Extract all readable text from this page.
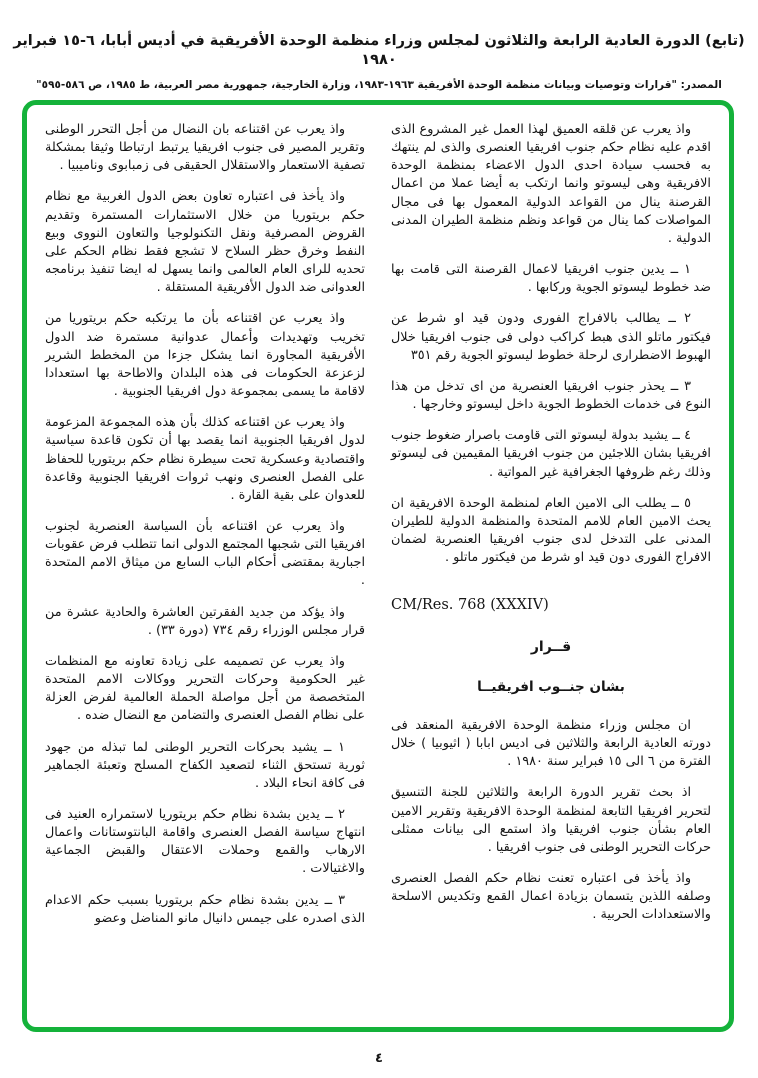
(تابع) الدورة العادية الرابعة والثلاثون لمجلس وزراء منظمة الوحدة الأفريقية في أديس أبابا، ٦-١٥ فبراير ١٩٨٠
المصدر: "قرارات وتوصيات وبيانات منظمة الوحدة الأفريقية ١٩٦٣-١٩٨٣، وزارة الخارجية، جمهورية مصر العربية، ط ١٩٨٥، ص ٥٨٦-٥٩٥"

واذ يعرب عن قلقه العميق لهذا العمل غير المشروع الذى اقدم عليه نظام حكم جنوب افريقيا العنصرى والذى لم ينتهك به فحسب سيادة احدى الدول الاعضاء بمنظمة الوحدة الافريقية وهى ليسوتو وانما ارتكب به أيضا عملا من اعمال القرصنة ينال من القواعد الدولية المعمول بها فى مجال المواصلات كما ينال من قواعد ونظم منظمة الطيران المدنى الدولية .

١ ــ يدين جنوب افريقيا لاعمال القرصنة التى قامت بها ضد خطوط ليسوتو الجوية وركابها .

٢ ــ يطالب بالافراج الفورى ودون قيد او شرط عن فيكتور ماتلو الذى هبط كراكب دولى فى جنوب افريقيا خلال الهبوط الاضطرارى لرحلة خطوط ليسوتو الجوية رقم ٣٥١

٣ ــ يحذر جنوب افريقيا العنصرية من اى تدخل من هذا النوع فى خدمات الخطوط الجوية داخل ليسوتو وخارجها .

٤ ــ يشيد بدولة ليسوتو التى قاومت باصرار ضغوط جنوب افريقيا بشان اللاجئين من جنوب افريقيا المقيمين فى ليسوتو وذلك رغم ظروفها الجغرافية غير المواتية .

٥ ــ يطلب الى الامين العام لمنظمة الوحدة الافريقية ان يحث الامين العام للامم المتحدة والمنظمة الدولية للطيران المدنى على التدخل لدى جنوب افريقيا العنصرية لضمان الافراج الفورى دون قيد او شرط من فيكتور ماتلو .

CM/Res. 768 (XXXIV)
قــرار
بشان جنــوب افريقيــا

ان مجلس وزراء منظمة الوحدة الافريقية المنعقد فى دورته العادية الرابعة والثلاثين فى اديس ابابا ( اثيوبيا ) خلال الفترة من ٦ الى ١٥ فبراير سنة ١٩٨٠ .

اذ بحث تقرير الدورة الرابعة والثلاثين للجنة التنسيق لتحرير افريقيا التابعة لمنظمة الوحدة الافريقية وتقرير الامين العام بشأن جنوب افريقيا واذ استمع الى بيانات ممثلى حركات التحرير الوطنى فى جنوب افريقيا .

واذ يأخذ فى اعتباره تعنت نظام حكم الفصل العنصرى وصلفه اللذين يتسمان بزيادة اعمال القمع وتكديس الاسلحة والاستعدادات الحربية .

واذ يعرب عن اقتناعه بان النضال من أجل التحرر الوطنى وتقرير المصير فى جنوب افريقيا يرتبط ارتباطا وثيقا بمشكلة تصفية الاستعمار والاستقلال الحقيقى فى زمبابوى وناميبيا .

واذ يأخذ فى اعتباره تعاون بعض الدول الغربية مع نظام حكم بريتوريا من خلال الاستثمارات المستمرة وتقديم القروض المصرفية ونقل التكنولوجيا والتعاون النووى وبيع النفط وخرق حظر السلاح لا تشجع فقط نظام الحكم على تحديه للراى العام العالمى وانما يسهل له ايضا تنفيذ برنامجه العدوانى ضد الدول الأفريقية المستقلة .

واذ يعرب عن اقتناعه بأن ما يرتكبه حكم بريتوريا من تخريب وتهديدات وأعمال عدوانية مستمرة ضد الدول الأفريقية المجاورة انما يشكل جزءا من المخطط الشرير لزعزعة الحكومات فى هذه البلدان والاطاحة بها استعدادا لاقامة ما يسمى بمجموعة دول افريقيا الجنوبية .

واذ يعرب عن اقتناعه كذلك بأن هذه المجموعة المزعومة لدول افريقيا الجنوبية انما يقصد بها أن تكون قاعدة سياسية واقتصادية وعسكرية تحت سيطرة نظام حكم بريتوريا للحفاظ على الفصل العنصرى ونهب ثروات افريقيا الجنوبية وقاعدة للعدوان على بقية القارة .

واذ يعرب عن اقتناعه بأن السياسة العنصرية لجنوب افريقيا التى شجبها المجتمع الدولى انما تتطلب فرض عقوبات اجبارية بمقتضى أحكام الباب السابع من ميثاق الامم المتحدة .

واذ يؤكد من جديد الفقرتين العاشرة والحادية عشرة من قرار مجلس الوزراء رقم ٧٣٤ (دورة ٣٣) .

واذ يعرب عن تصميمه على زيادة تعاونه مع المنظمات غير الحكومية وحركات التحرير ووكالات الامم المتحدة المتخصصة من أجل مواصلة الحملة العالمية لفرض العزلة على نظام الفصل العنصرى والتضامن مع النضال ضده .

١ ــ يشيد بحركات التحرير الوطنى لما تبذله من جهود ثورية تستحق الثناء لتصعيد الكفاح المسلح وتعبئة الجماهير فى كافة انحاء البلاد .

٢ ــ يدين بشدة نظام حكم بريتوريا لاستمراره العنيد فى انتهاج سياسة الفصل العنصرى واقامة البانتوستانات واعمال الارهاب والقمع وحملات الاعتقال والقبض الجماعية والاغتيالات .

٣ ــ يدين بشدة نظام حكم بريتوريا بسبب حكم الاعدام الذى اصدره على جيمس دانيال مانو المناضل وعضو

٤
